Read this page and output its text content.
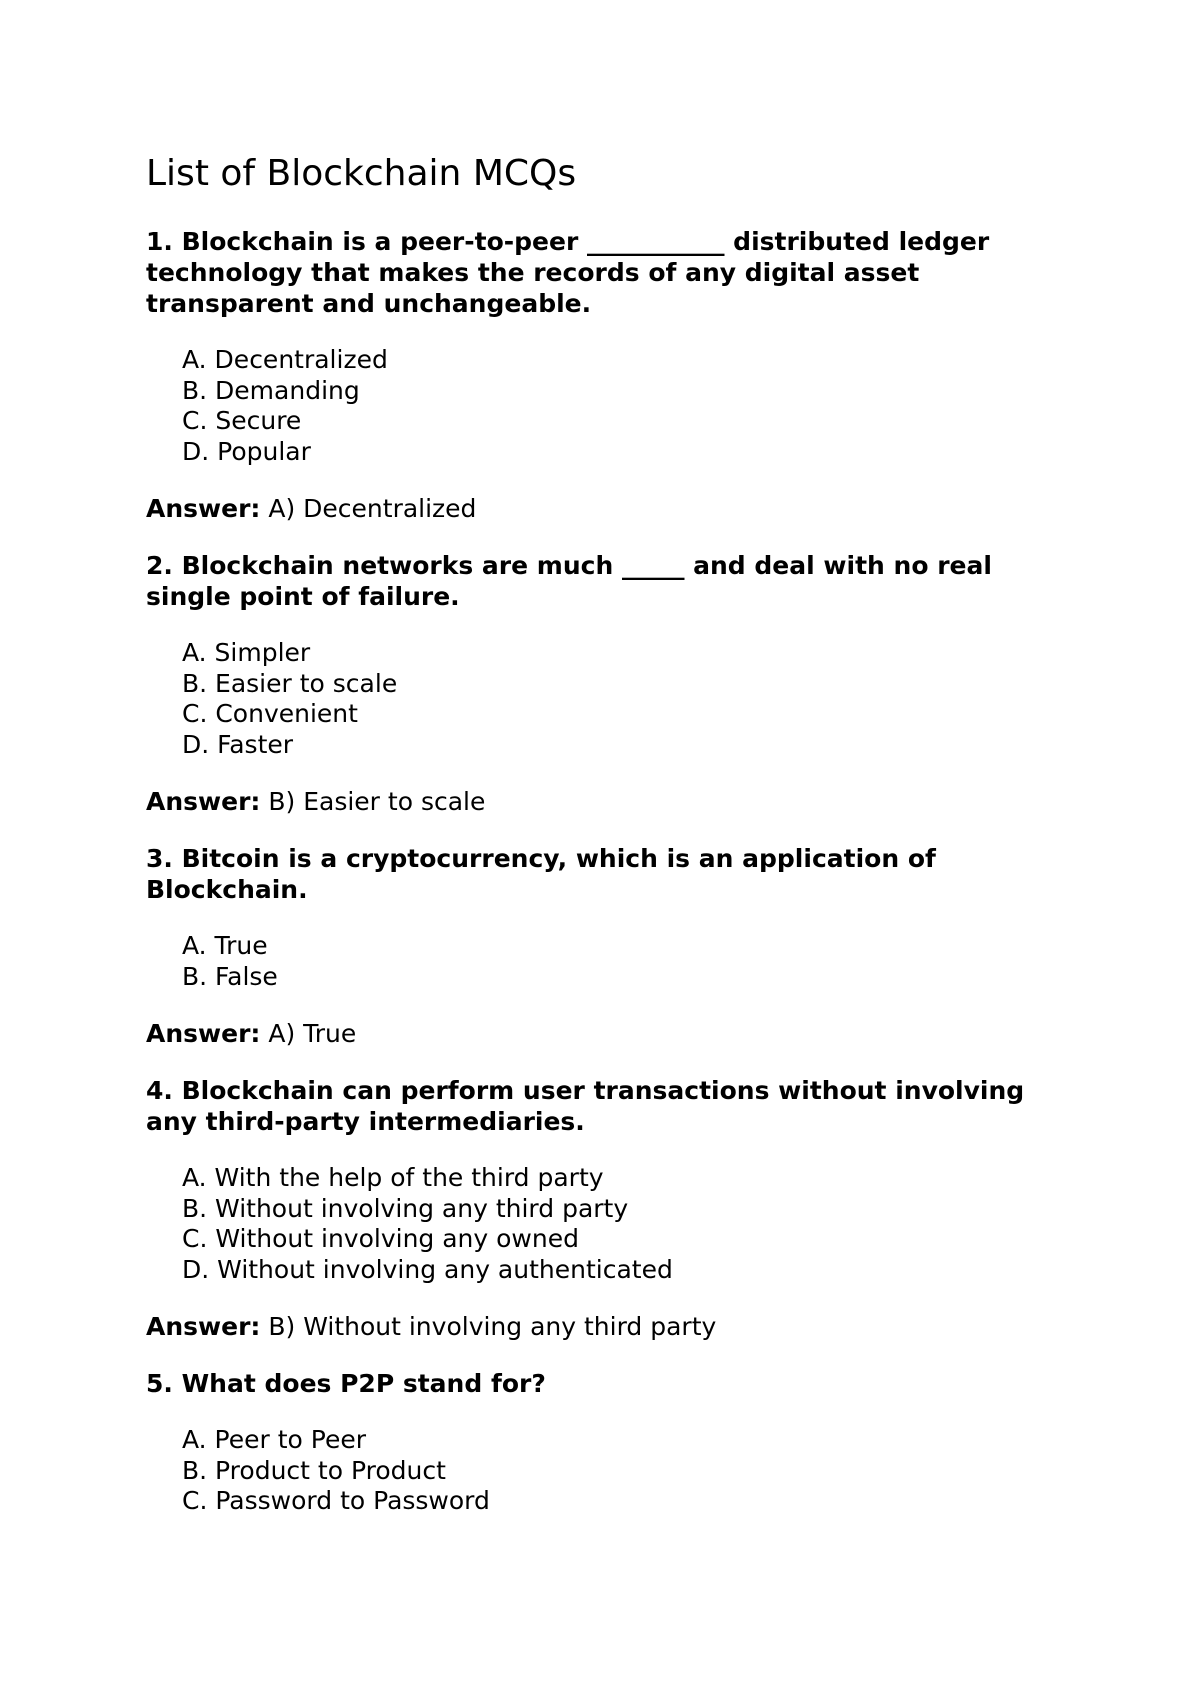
List of Blockchain MCQs

1. Blockchain is a peer-to-peer ___________ distributed ledger technology that makes the records of any digital asset transparent and unchangeable.

A. Decentralized
B. Demanding
C. Secure
D. Popular

Answer: A) Decentralized

2. Blockchain networks are much _____ and deal with no real single point of failure.

A. Simpler
B. Easier to scale
C. Convenient
D. Faster

Answer: B) Easier to scale

3. Bitcoin is a cryptocurrency, which is an application of Blockchain.

A. True
B. False

Answer: A) True

4. Blockchain can perform user transactions without involving any third-party intermediaries.

A. With the help of the third party
B. Without involving any third party
C. Without involving any owned
D. Without involving any authenticated

Answer: B) Without involving any third party

5. What does P2P stand for?

A. Peer to Peer
B. Product to Product
C. Password to Password
